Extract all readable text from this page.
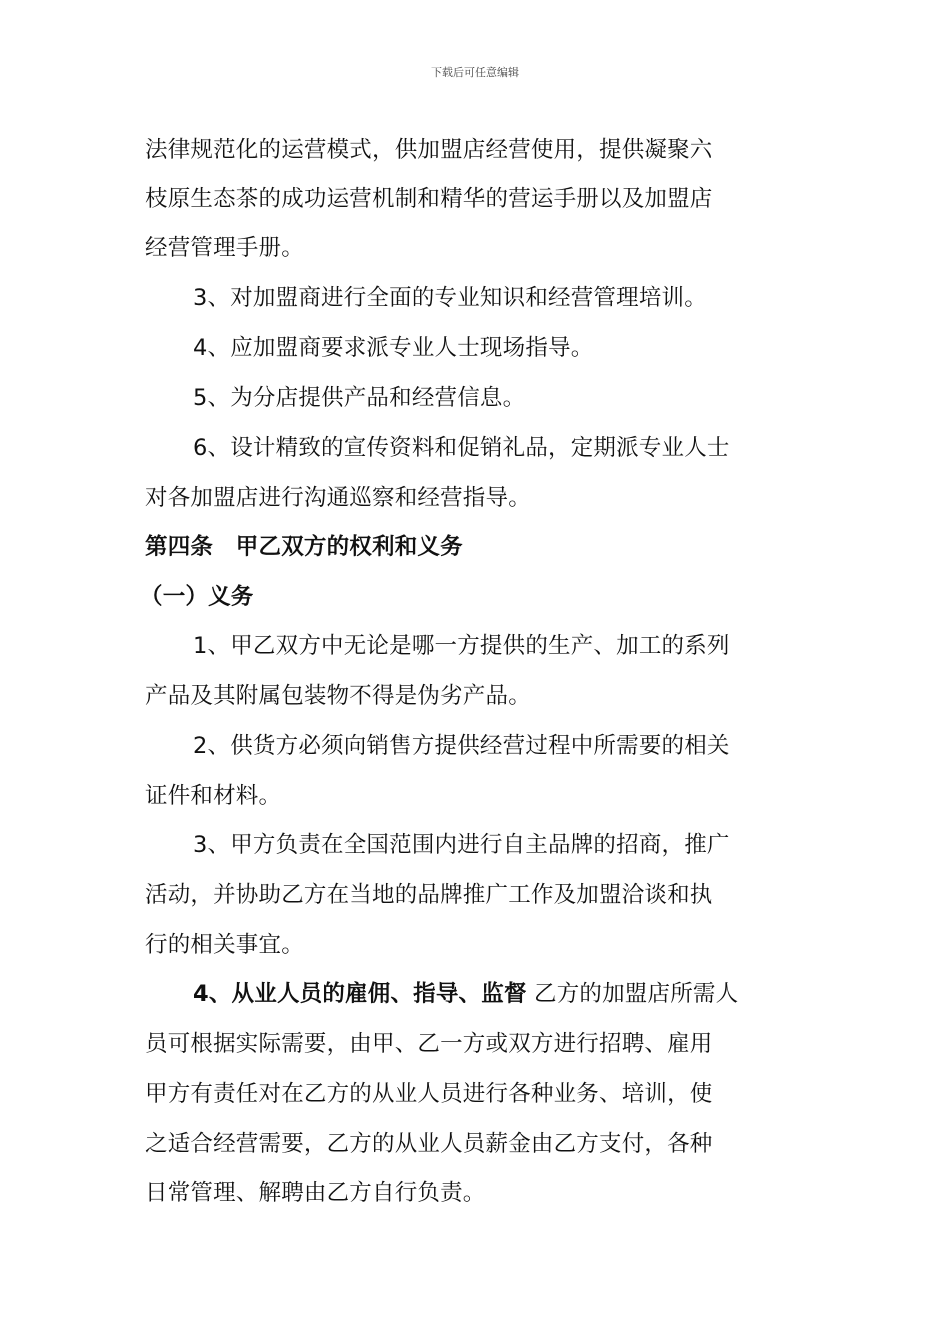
下载后可任意编辑
法律规范化的运营模式，供加盟店经营使用，提供凝聚六
枝原生态茶的成功运营机制和精华的营运手册以及加盟店
经营管理手册。
3、对加盟商进行全面的专业知识和经营管理培训。
4、应加盟商要求派专业人士现场指导。
5、为分店提供产品和经营信息。
6、设计精致的宣传资料和促销礼品，定期派专业人士
对各加盟店进行沟通巡察和经营指导。
第四条　甲乙双方的权利和义务
（一）义务
1、甲乙双方中无论是哪一方提供的生产、加工的系列
产品及其附属包装物不得是伪劣产品。
2、供货方必须向销售方提供经营过程中所需要的相关
证件和材料。
3、甲方负责在全国范围内进行自主品牌的招商，推广
活动，并协助乙方在当地的品牌推广工作及加盟洽谈和执
行的相关事宜。
4、从业人员的雇佣、指导、监督 乙方的加盟店所需人
员可根据实际需要，由甲、乙一方或双方进行招聘、雇用
甲方有责任对在乙方的从业人员进行各种业务、培训，使
之适合经营需要，乙方的从业人员薪金由乙方支付，各种
日常管理、解聘由乙方自行负责。
